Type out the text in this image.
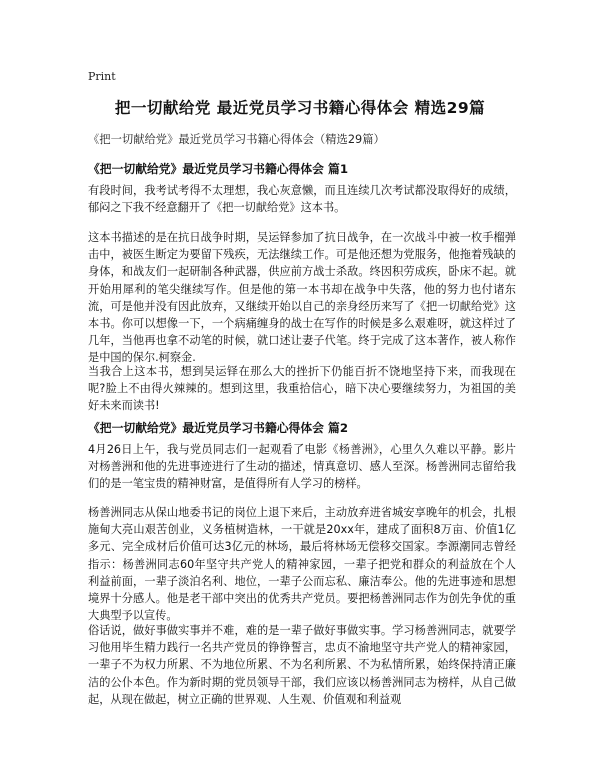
Print
把一切献给党 最近党员学习书籍心得体会 精选29篇
《把一切献给党》最近党员学习书籍心得体会（精选29篇）
《把一切献给党》最近党员学习书籍心得体会 篇1
有段时间，我考试考得不太理想，我心灰意懒，而且连续几次考试都没取得好的成绩，郁闷之下我不经意翻开了《把一切献给党》这本书。
这本书描述的是在抗日战争时期，吴运铎参加了抗日战争，在一次战斗中被一枚手榴弹击中，被医生断定为要留下残疾，无法继续工作。可是他还想为党服务，他拖着残缺的身体，和战友们一起研制各种武器，供应前方战士杀敌。终因积劳成疾，卧床不起。就开始用犀利的笔尖继续写作。但是他的第一本书却在战争中失落，他的努力也付诸东流，可是他并没有因此放弃，又继续开始以自己的亲身经历来写了《把一切献给党》这本书。你可以想像一下，一个病痛缠身的战士在写作的时候是多么艰难呀，就这样过了几年，当他再也拿不动笔的时候，就口述让妻子代笔。终于完成了这本著作，被人称作是中国的保尔.柯察金.
当我合上这本书，想到吴运铎在那么大的挫折下仍能百折不饶地坚持下来，而我现在呢?脸上不由得火辣辣的。想到这里，我重拾信心，暗下决心要继续努力，为祖国的美好未来而读书!
《把一切献给党》最近党员学习书籍心得体会 篇2
4月26日上午，我与党员同志们一起观看了电影《杨善洲》，心里久久难以平静。影片对杨善洲和他的先进事迹进行了生动的描述，情真意切、感人至深。杨善洲同志留给我们的是一笔宝贵的精神财富，是值得所有人学习的榜样。
杨善洲同志从保山地委书记的岗位上退下来后，主动放弃进省城安享晚年的机会，扎根施甸大亮山艰苦创业，义务植树造林，一干就是20xx年，建成了面积8万亩、价值1亿多元、完全成材后价值可达3亿元的林场，最后将林场无偿移交国家。李源潮同志曾经指示：杨善洲同志60年坚守共产党人的精神家园，一辈子把党和群众的利益放在个人利益前面，一辈子淡泊名利、地位，一辈子公而忘私、廉洁奉公。他的先进事迹和思想境界十分感人。他是老干部中突出的优秀共产党员。要把杨善洲同志作为创先争优的重大典型予以宣传。
俗话说，做好事做实事并不难，难的是一辈子做好事做实事。学习杨善洲同志，就要学习他用毕生精力践行一名共产党员的铮铮誓言，忠贞不渝地坚守共产党人的精神家园，一辈子不为权力所累、不为地位所累、不为名利所累、不为私情所累，始终保持清正廉洁的公仆本色。作为新时期的党员领导干部，我们应该以杨善洲同志为榜样，从自己做起，从现在做起，树立正确的世界观、人生观、价值观和利益观
